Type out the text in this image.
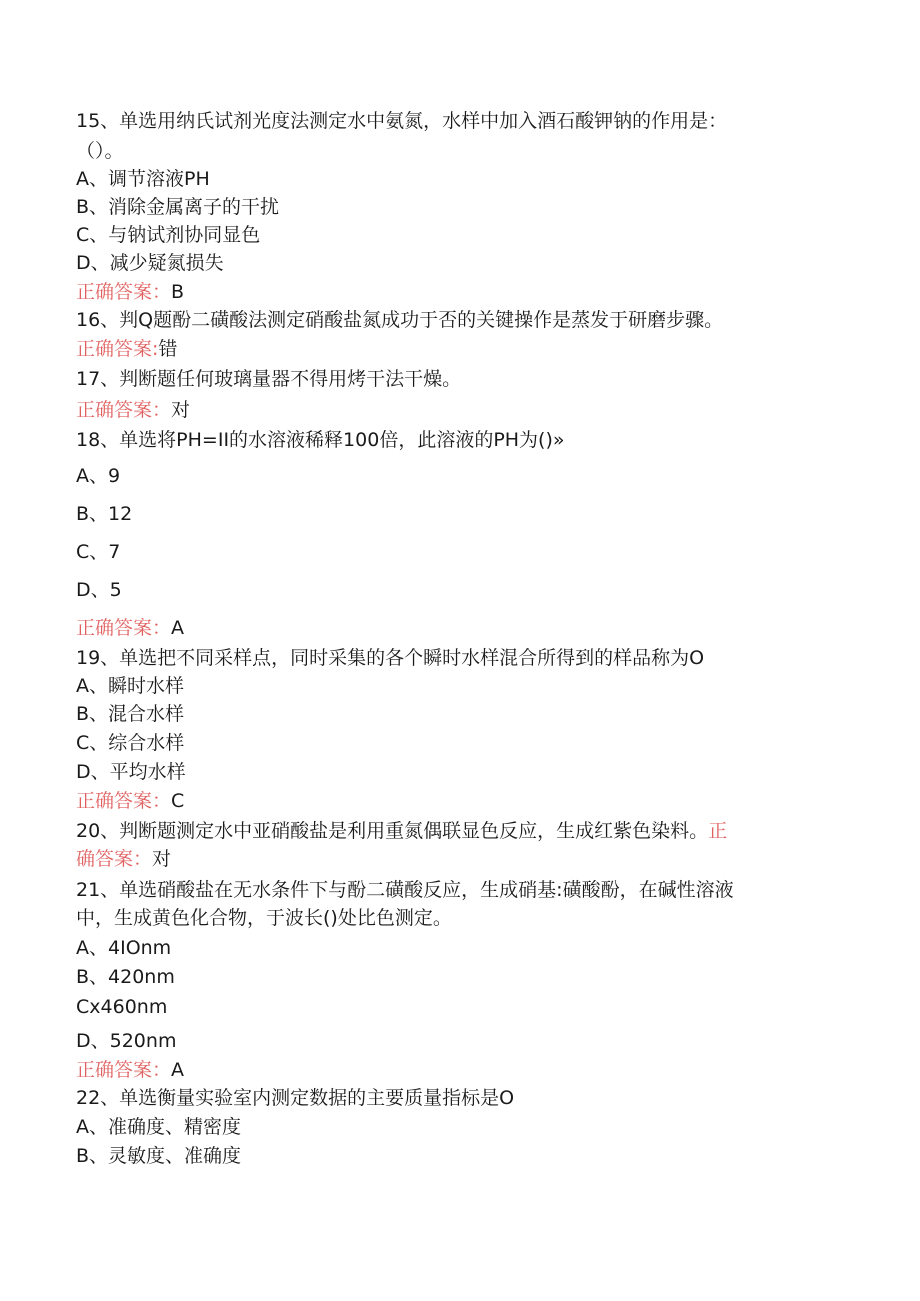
15、单选用纳氏试剂光度法测定水中氨氮，水样中加入酒石酸钾钠的作用是：
（）。
A、调节溶液PH
B、消除金属离子的干扰
C、与钠试剂协同显色
D、减少疑氮损失
正确答案：B
16、判Q题酚二磺酸法测定硝酸盐氮成功于否的关键操作是蒸发于研磨步骤。
正确答案:错
17、判断题任何玻璃量器不得用烤干法干燥。
正确答案：对
18、单选将PH=II的水溶液稀释100倍，此溶液的PH为()»
A、9
B、12
C、7
D、5
正确答案：A
19、单选把不同采样点，同时采集的各个瞬时水样混合所得到的样品称为O
A、瞬时水样
B、混合水样
C、综合水样
D、平均水样
正确答案：C
20、判断题测定水中亚硝酸盐是利用重氮偶联显色反应，生成红紫色染料。正
确答案：对
21、单选硝酸盐在无水条件下与酚二磺酸反应，生成硝基:磺酸酚，在碱性溶液
中，生成黄色化合物，于波长()处比色测定。
A、4IOnm
B、420nm
Cx460nm
D、520nm
正确答案：A
22、单选衡量实验室内测定数据的主要质量指标是O
A、准确度、精密度
B、灵敏度、准确度
